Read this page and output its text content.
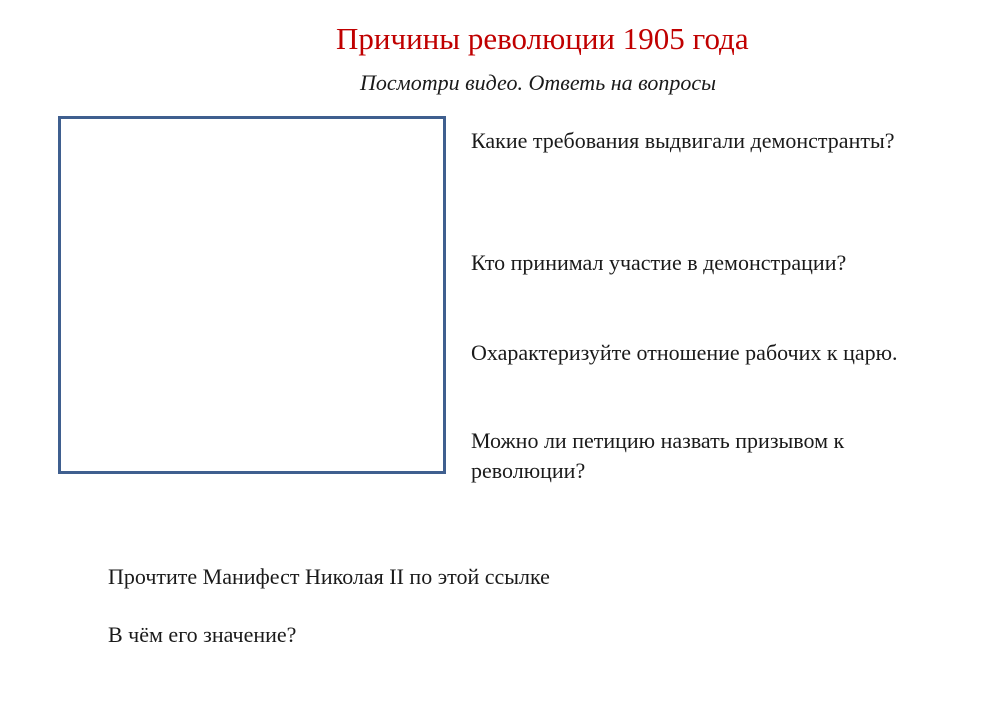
Причины революции 1905 года
Посмотри видео. Ответь на вопросы
Какие требования выдвигали демонстранты?
Кто принимал участие в демонстрации?
Охарактеризуйте отношение рабочих к царю.
Можно ли петицию назвать призывом к революции?
Прочтите Манифест Николая II по этой ссылке
В чём его значение?
